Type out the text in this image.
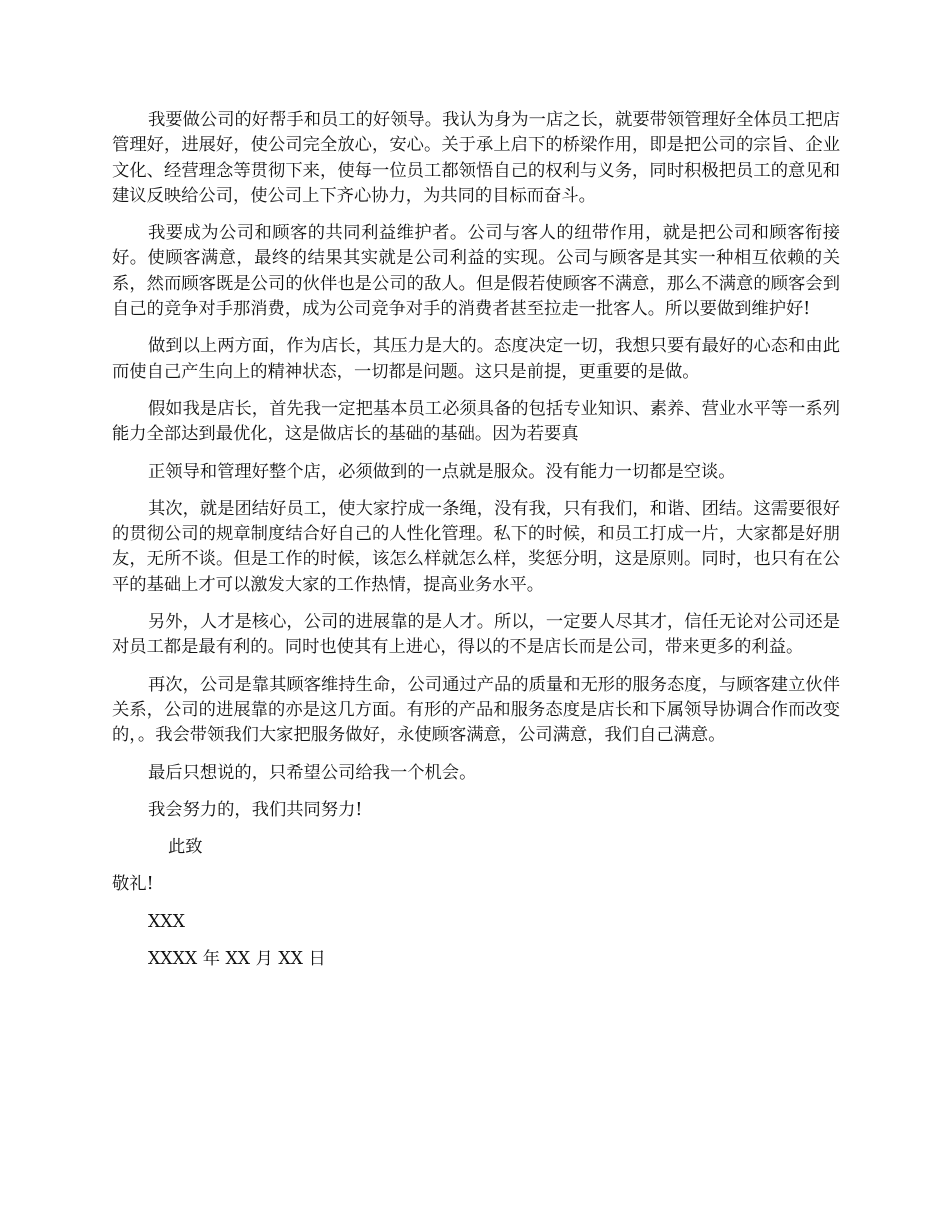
我要做公司的好帮手和员工的好领导。我认为身为一店之长，就要带领管理好全体员工把店管理好，进展好，使公司完全放心，安心。关于承上启下的桥梁作用，即是把公司的宗旨、企业文化、经营理念等贯彻下来，使每一位员工都领悟自己的权利与义务，同时积极把员工的意见和建议反映给公司，使公司上下齐心协力，为共同的目标而奋斗。

我要成为公司和顾客的共同利益维护者。公司与客人的纽带作用，就是把公司和顾客衔接好。使顾客满意，最终的结果其实就是公司利益的实现。公司与顾客是其实一种相互依赖的关系，然而顾客既是公司的伙伴也是公司的敌人。但是假若使顾客不满意，那么不满意的顾客会到自己的竞争对手那消费，成为公司竞争对手的消费者甚至拉走一批客人。所以要做到维护好!

做到以上两方面，作为店长，其压力是大的。态度决定一切，我想只要有最好的心态和由此而使自己产生向上的精神状态，一切都是问题。这只是前提，更重要的是做。

假如我是店长，首先我一定把基本员工必须具备的包括专业知识、素养、营业水平等一系列能力全部达到最优化，这是做店长的基础的基础。因为若要真

正领导和管理好整个店，必须做到的一点就是服众。没有能力一切都是空谈。

其次，就是团结好员工，使大家拧成一条绳，没有我，只有我们，和谐、团结。这需要很好的贯彻公司的规章制度结合好自己的人性化管理。私下的时候，和员工打成一片，大家都是好朋友，无所不谈。但是工作的时候，该怎么样就怎么样，奖惩分明，这是原则。同时，也只有在公平的基础上才可以激发大家的工作热情，提高业务水平。

另外，人才是核心，公司的进展靠的是人才。所以，一定要人尽其才，信任无论对公司还是对员工都是最有利的。同时也使其有上进心，得以的不是店长而是公司，带来更多的利益。

再次，公司是靠其顾客维持生命，公司通过产品的质量和无形的服务态度，与顾客建立伙伴关系，公司的进展靠的亦是这几方面。有形的产品和服务态度是店长和下属领导协调合作而改变的，。我会带领我们大家把服务做好，永使顾客满意，公司满意，我们自己满意。

最后只想说的，只希望公司给我一个机会。

我会努力的，我们共同努力!

此致

敬礼!

XXX

XXXX 年 XX 月 XX 日
